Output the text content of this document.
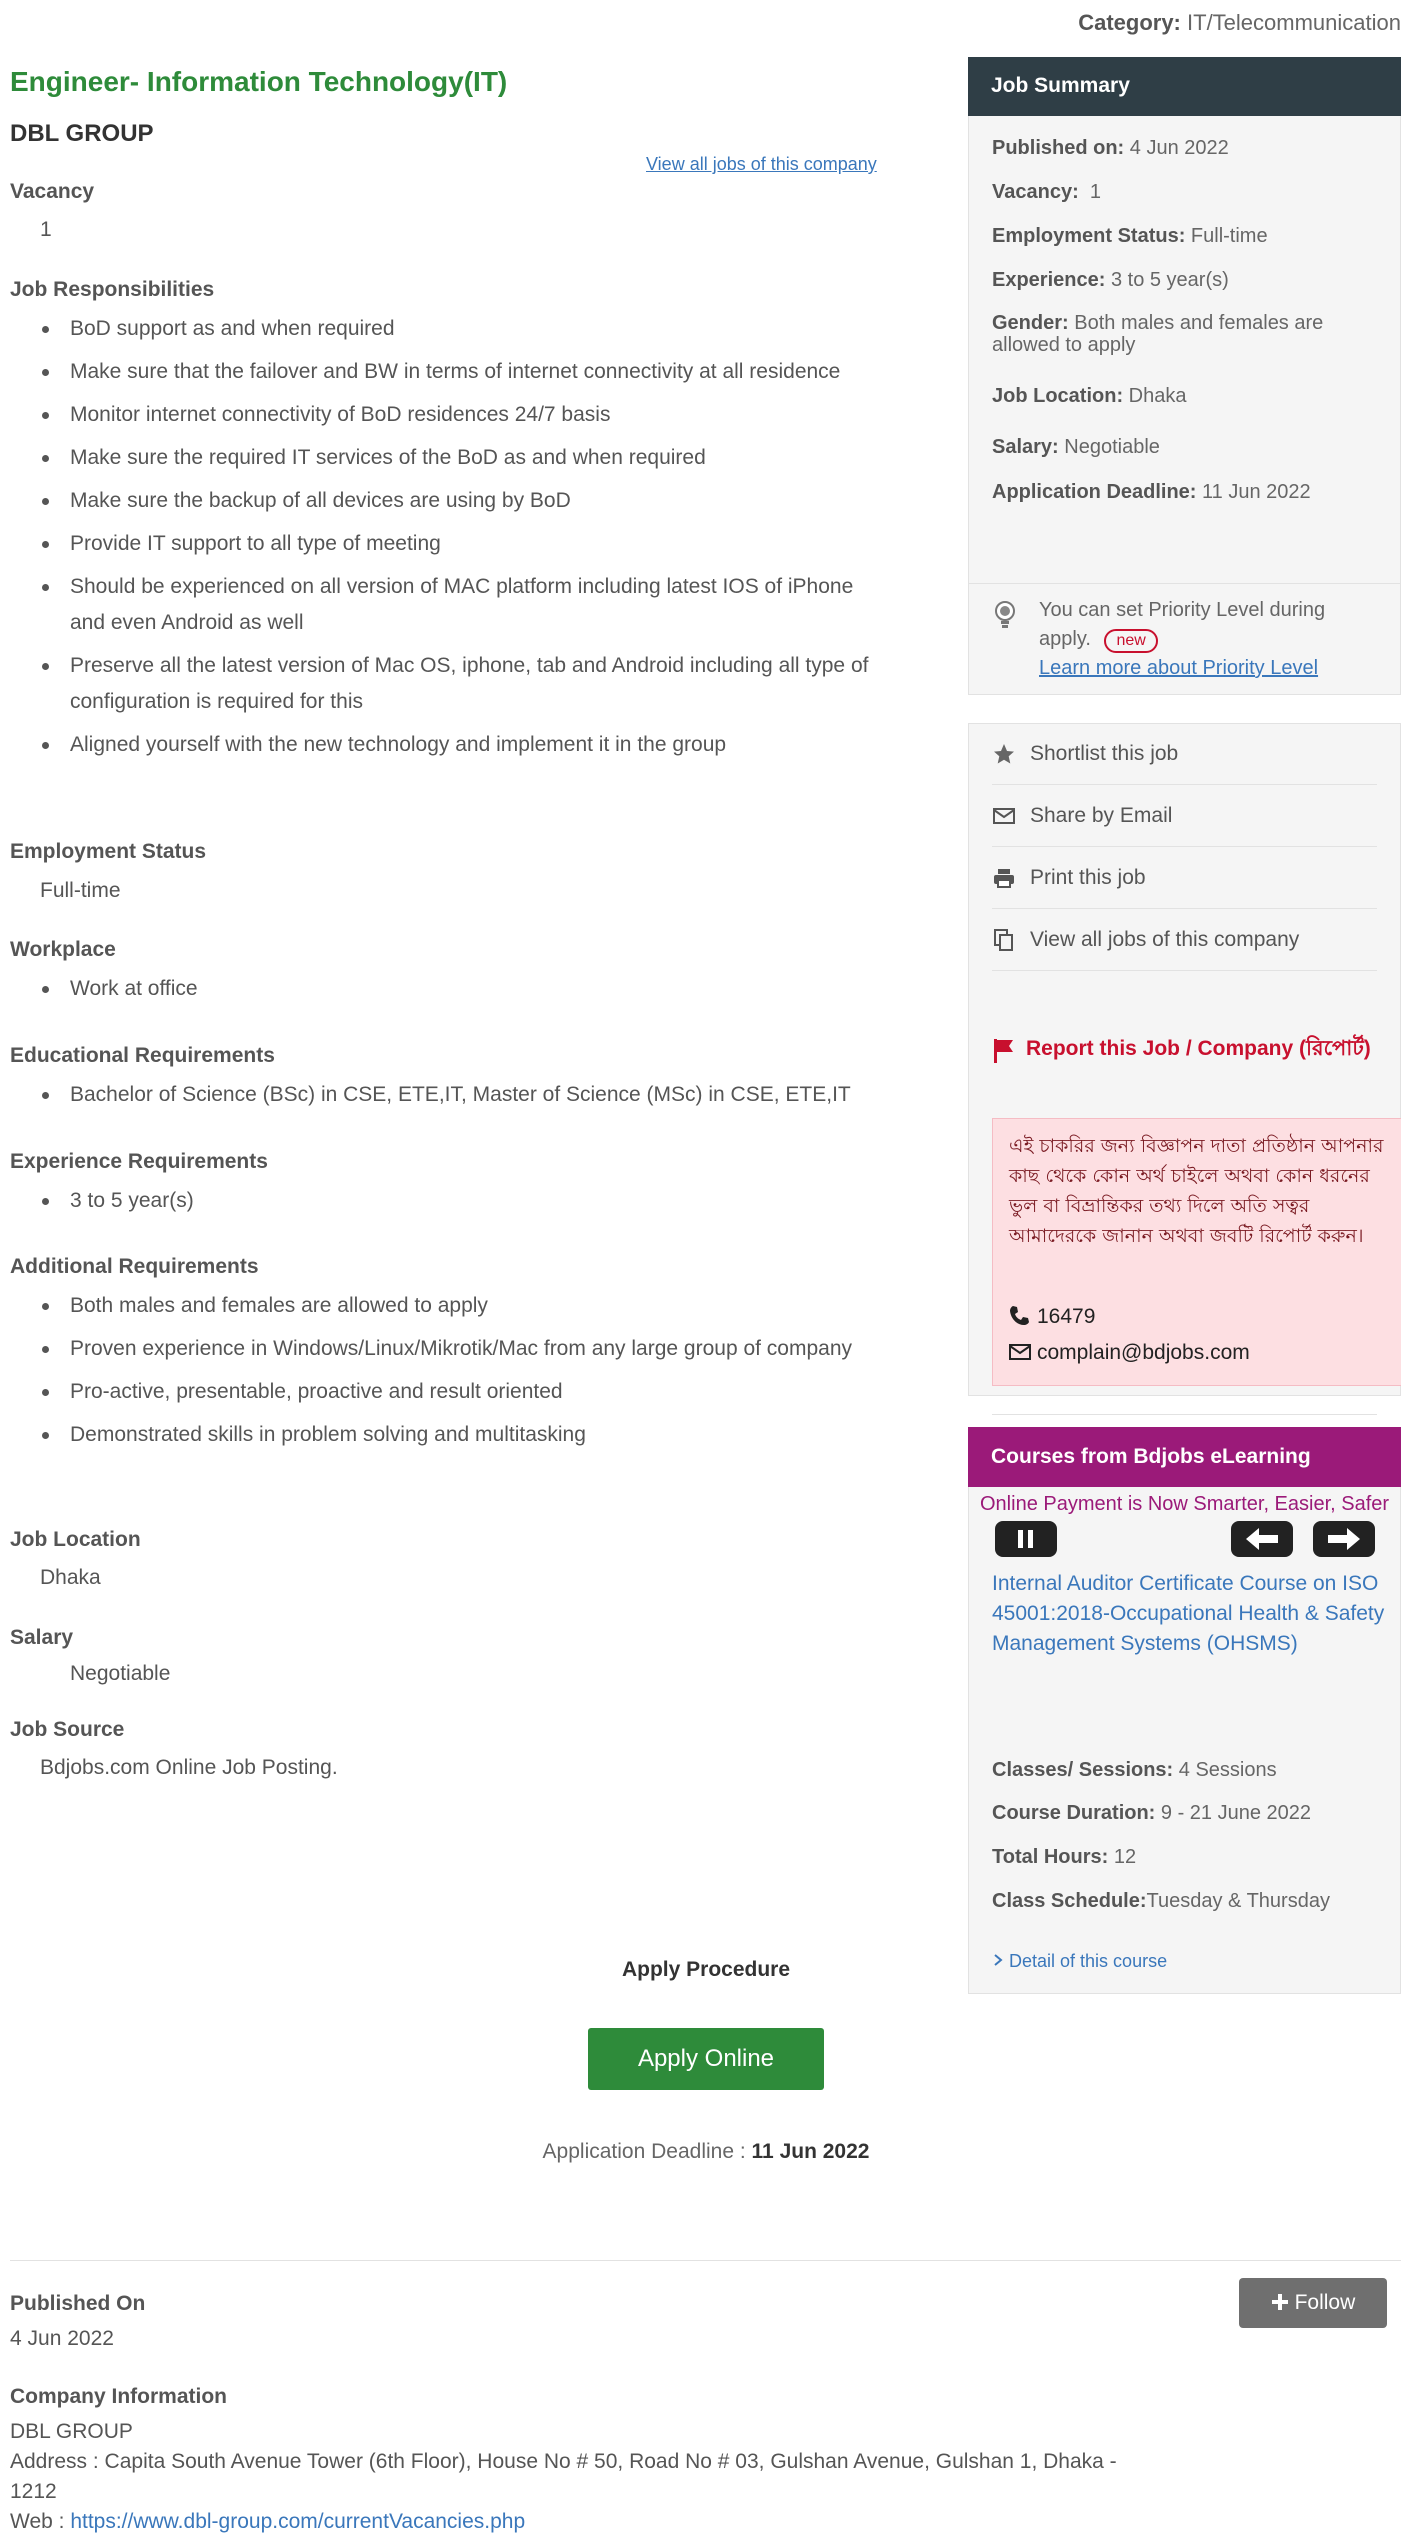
Category: IT/Telecommunication
Engineer- Information Technology(IT)
DBL GROUP
View all jobs of this company
Vacancy
1
Job Responsibilities
BoD support as and when required
Make sure that the failover and BW in terms of internet connectivity at all residence
Monitor internet connectivity of BoD residences 24/7 basis
Make sure the required IT services of the BoD as and when required
Make sure the backup of all devices are using by BoD
Provide IT support to all type of meeting
Should be experienced on all version of MAC platform including latest IOS of iPhone and even Android as well
Preserve all the latest version of Mac OS, iphone, tab and Android including all type of configuration is required for this
Aligned yourself with the new technology and implement it in the group
Employment Status
Full-time
Workplace
Work at office
Educational Requirements
Bachelor of Science (BSc) in CSE, ETE,IT, Master of Science (MSc) in CSE, ETE,IT
Experience Requirements
3 to 5 year(s)
Additional Requirements
Both males and females are allowed to apply
Proven experience in Windows/Linux/Mikrotik/Mac from any large group of company
Pro-active, presentable, proactive and result oriented
Demonstrated skills in problem solving and multitasking
Job Location
Dhaka
Salary
Negotiable
Job Source
Bdjobs.com Online Job Posting.
Job Summary
Published on: 4 Jun 2022
Vacancy: 1
Employment Status: Full-time
Experience: 3 to 5 year(s)
Gender: Both males and females are allowed to apply
Job Location: Dhaka
Salary: Negotiable
Application Deadline: 11 Jun 2022
You can set Priority Level during apply. new
Learn more about Priority Level
Shortlist this job
Share by Email
Print this job
View all jobs of this company
Report this Job / Company (রিপোর্ট)
এই চাকরির জন্য বিজ্ঞাপন দাতা প্রতিষ্ঠান আপনার কাছ থেকে কোন অর্থ চাইলে অথবা কোন ধরনের ভুল বা বিভ্রান্তিকর তথ্য দিলে অতি সত্বর আমাদেরকে জানান অথবা জবটি রিপোর্ট করুন।
16479
complain@bdjobs.com
Courses from Bdjobs eLearning
Online Payment is Now Smarter, Easier, Safer
Internal Auditor Certificate Course on ISO 45001:2018-Occupational Health & Safety Management Systems (OHSMS)
Classes/ Sessions: 4 Sessions
Course Duration: 9 - 21 June 2022
Total Hours: 12
Class Schedule:Tuesday & Thursday
Detail of this course
Apply Procedure
Apply Online
Application Deadline : 11 Jun 2022
Follow
Published On
4 Jun 2022
Company Information
DBL GROUP
Address : Capita South Avenue Tower (6th Floor), House No # 50, Road No # 03, Gulshan Avenue, Gulshan 1, Dhaka -
1212
Web : https://www.dbl-group.com/currentVacancies.php
